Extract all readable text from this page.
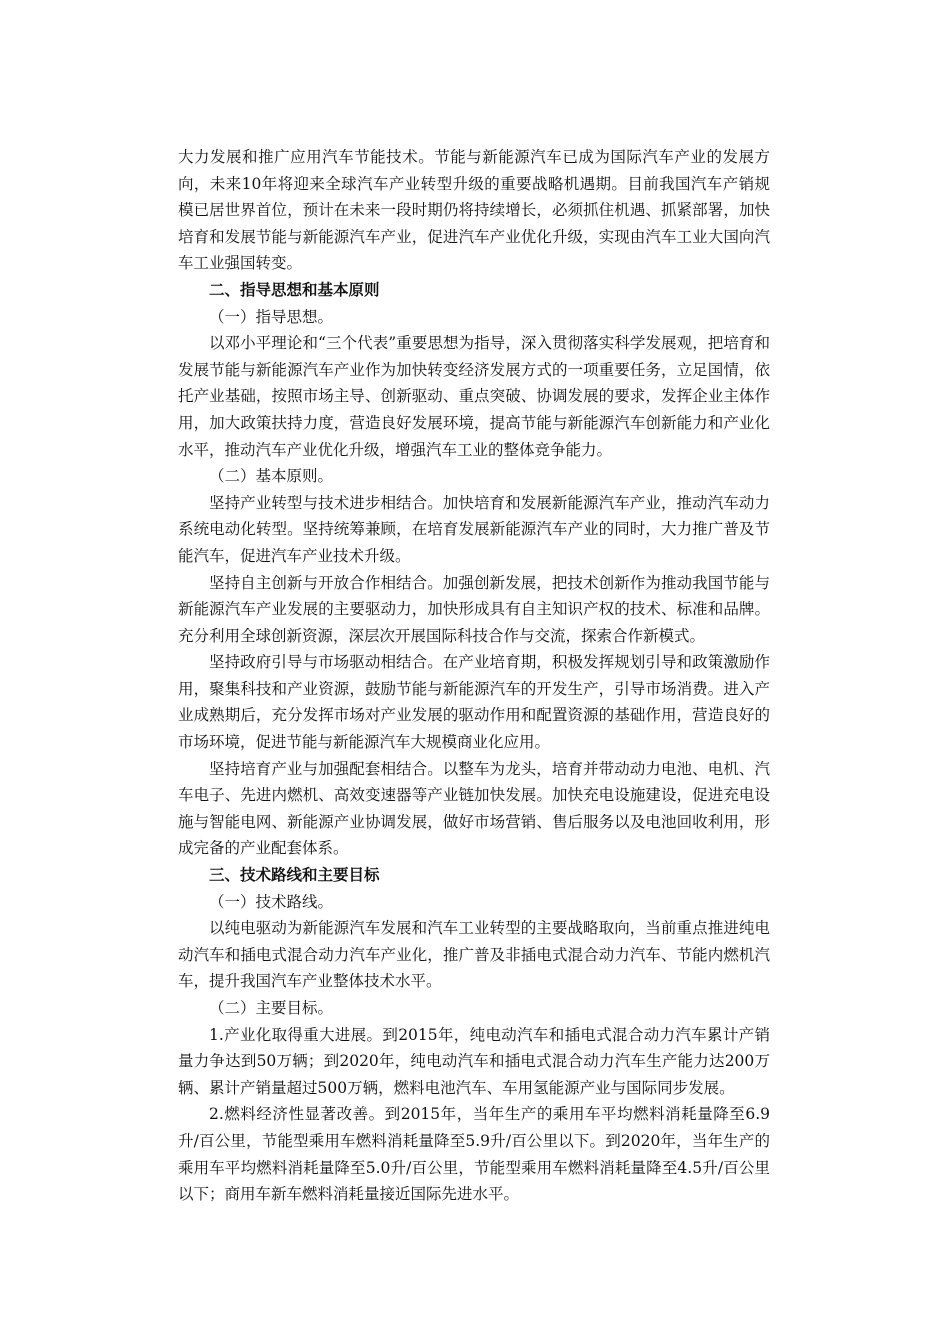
大力发展和推广应用汽车节能技术。节能与新能源汽车已成为国际汽车产业的发展方向，未来10年将迎来全球汽车产业转型升级的重要战略机遇期。目前我国汽车产销规模已居世界首位，预计在未来一段时期仍将持续增长，必须抓住机遇、抓紧部署，加快培育和发展节能与新能源汽车产业，促进汽车产业优化升级，实现由汽车工业大国向汽车工业强国转变。

二、指导思想和基本原则

（一）指导思想。

以邓小平理论和“三个代表”重要思想为指导，深入贯彻落实科学发展观，把培育和发展节能与新能源汽车产业作为加快转变经济发展方式的一项重要任务，立足国情，依托产业基础，按照市场主导、创新驱动、重点突破、协调发展的要求，发挥企业主体作用，加大政策扶持力度，营造良好发展环境，提高节能与新能源汽车创新能力和产业化水平，推动汽车产业优化升级，增强汽车工业的整体竞争能力。

（二）基本原则。

坚持产业转型与技术进步相结合。加快培育和发展新能源汽车产业，推动汽车动力系统电动化转型。坚持统筹兼顾，在培育发展新能源汽车产业的同时，大力推广普及节能汽车，促进汽车产业技术升级。

坚持自主创新与开放合作相结合。加强创新发展，把技术创新作为推动我国节能与新能源汽车产业发展的主要驱动力，加快形成具有自主知识产权的技术、标准和品牌。充分利用全球创新资源，深层次开展国际科技合作与交流，探索合作新模式。

坚持政府引导与市场驱动相结合。在产业培育期，积极发挥规划引导和政策激励作用，聚集科技和产业资源，鼓励节能与新能源汽车的开发生产，引导市场消费。进入产业成熟期后，充分发挥市场对产业发展的驱动作用和配置资源的基础作用，营造良好的市场环境，促进节能与新能源汽车大规模商业化应用。

坚持培育产业与加强配套相结合。以整车为龙头，培育并带动动力电池、电机、汽车电子、先进内燃机、高效变速器等产业链加快发展。加快充电设施建设，促进充电设施与智能电网、新能源产业协调发展，做好市场营销、售后服务以及电池回收利用，形成完备的产业配套体系。

三、技术路线和主要目标

（一）技术路线。

以纯电驱动为新能源汽车发展和汽车工业转型的主要战略取向，当前重点推进纯电动汽车和插电式混合动力汽车产业化，推广普及非插电式混合动力汽车、节能内燃机汽车，提升我国汽车产业整体技术水平。

（二）主要目标。

1.产业化取得重大进展。到2015年，纯电动汽车和插电式混合动力汽车累计产销量力争达到50万辆；到2020年，纯电动汽车和插电式混合动力汽车生产能力达200万辆、累计产销量超过500万辆，燃料电池汽车、车用氢能源产业与国际同步发展。

2.燃料经济性显著改善。到2015年，当年生产的乘用车平均燃料消耗量降至6.9升/百公里，节能型乘用车燃料消耗量降至5.9升/百公里以下。到2020年，当年生产的乘用车平均燃料消耗量降至5.0升/百公里，节能型乘用车燃料消耗量降至4.5升/百公里以下；商用车新车燃料消耗量接近国际先进水平。
